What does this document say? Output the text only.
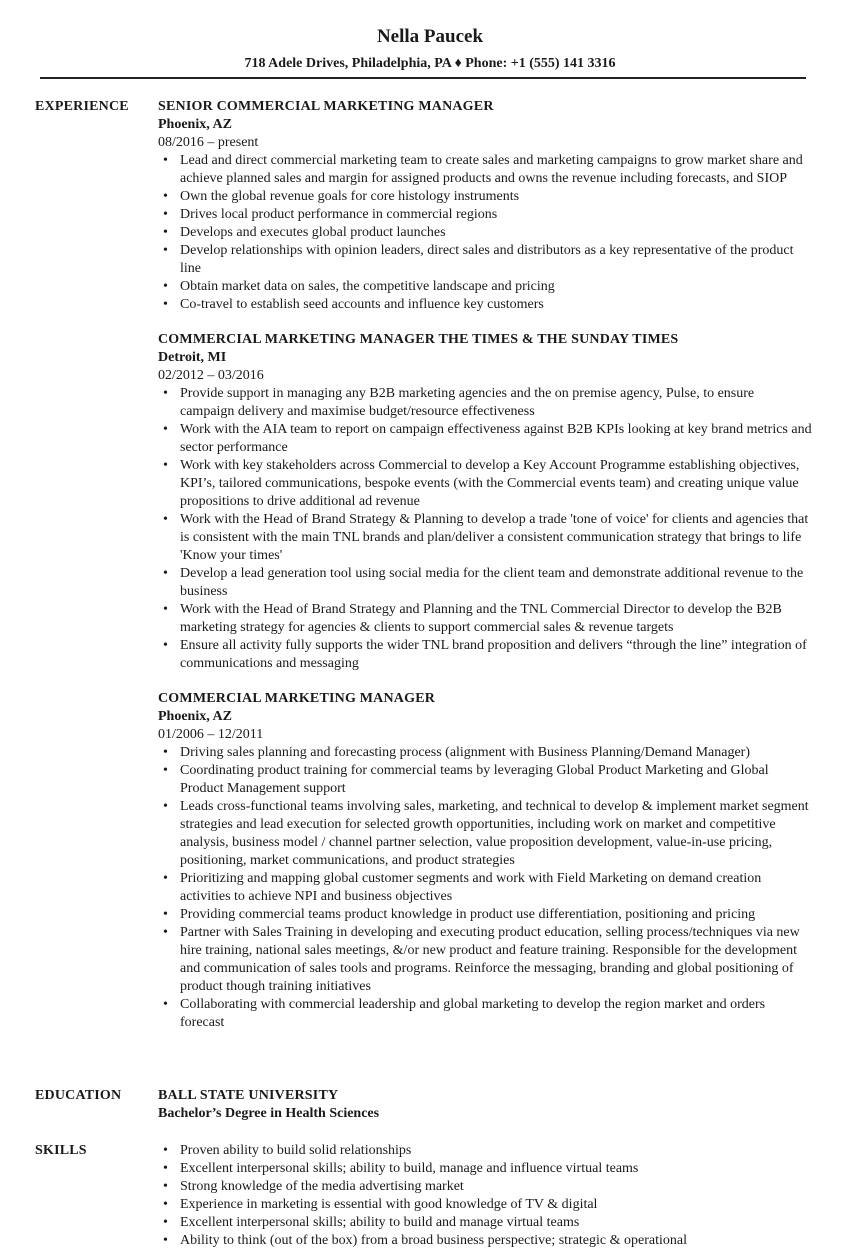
Nella Paucek
718 Adele Drives, Philadelphia, PA ♦ Phone: +1 (555) 141 3316
EXPERIENCE SENIOR COMMERCIAL MARKETING MANAGER
Phoenix, AZ
08/2016 – present
• Lead and direct commercial marketing team to create sales and marketing campaigns to grow market share and achieve planned sales and margin for assigned products and owns the revenue including forecasts, and SIOP
• Own the global revenue goals for core histology instruments
• Drives local product performance in commercial regions
• Develops and executes global product launches
• Develop relationships with opinion leaders, direct sales and distributors as a key representative of the product line
• Obtain market data on sales, the competitive landscape and pricing
• Co-travel to establish seed accounts and influence key customers
COMMERCIAL MARKETING MANAGER THE TIMES & THE SUNDAY TIMES
Detroit, MI
02/2012 – 03/2016
• Provide support in managing any B2B marketing agencies and the on premise agency, Pulse, to ensure campaign delivery and maximise budget/resource effectiveness
• Work with the AIA team to report on campaign effectiveness against B2B KPIs looking at key brand metrics and sector performance
• Work with key stakeholders across Commercial to develop a Key Account Programme establishing objectives, KPI’s, tailored communications, bespoke events (with the Commercial events team) and creating unique value propositions to drive additional ad revenue
• Work with the Head of Brand Strategy & Planning to develop a trade 'tone of voice' for clients and agencies that is consistent with the main TNL brands and plan/deliver a consistent communication strategy that brings to life 'Know your times'
• Develop a lead generation tool using social media for the client team and demonstrate additional revenue to the business
• Work with the Head of Brand Strategy and Planning and the TNL Commercial Director to develop the B2B marketing strategy for agencies & clients to support commercial sales & revenue targets
• Ensure all activity fully supports the wider TNL brand proposition and delivers “through the line” integration of communications and messaging
COMMERCIAL MARKETING MANAGER
Phoenix, AZ
01/2006 – 12/2011
• Driving sales planning and forecasting process (alignment with Business Planning/Demand Manager)
• Coordinating product training for commercial teams by leveraging Global Product Marketing and Global Product Management support
• Leads cross-functional teams involving sales, marketing, and technical to develop & implement market segment strategies and lead execution for selected growth opportunities, including work on market and competitive analysis, business model / channel partner selection, value proposition development, value-in-use pricing, positioning, market communications, and product strategies
• Prioritizing and mapping global customer segments and work with Field Marketing on demand creation activities to achieve NPI and business objectives
• Providing commercial teams product knowledge in product use differentiation, positioning and pricing
• Partner with Sales Training in developing and executing product education, selling process/techniques via new hire training, national sales meetings, &/or new product and feature training. Responsible for the development and communication of sales tools and programs. Reinforce the messaging, branding and global positioning of product though training initiatives
• Collaborating with commercial leadership and global marketing to develop the region market and orders forecast
EDUCATION	BALL STATE UNIVERSITY
Bachelor’s Degree in Health Sciences
SKILLS
•	Proven ability to build solid relationships
• Excellent interpersonal skills; ability to build, manage and influence virtual teams
• Strong knowledge of the media advertising market
• Experience in marketing is essential with good knowledge of TV & digital
• Excellent interpersonal skills; ability to build and manage virtual teams
• Ability to think (out of the box) from a broad business perspective; strategic & operational
